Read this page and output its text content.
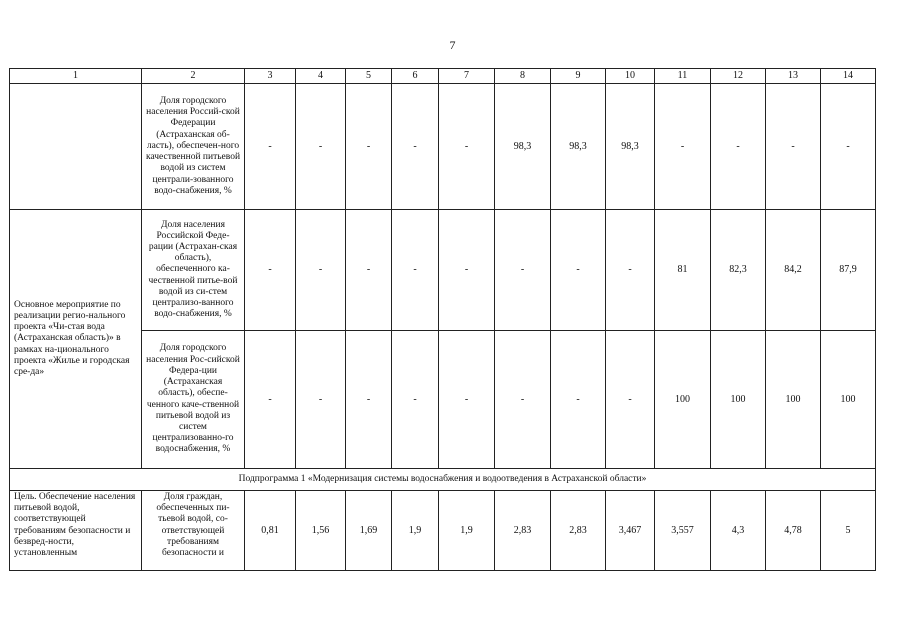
7
1	2	3	4	5	6	7	8	9	10	11	12	13	14
	Доля городского населения Россий-ской Федерации (Астраханская об-ласть), обеспечен-ного качественной питьевой водой из систем централи-зованного водо-снабжения, %	-	-	-	-	-	98,3	98,3	98,3	-	-	-	-
Основное мероприятие по реализации регио-нального проекта «Чи-стая вода (Астраханская область)» в рамках на-ционального проекта «Жилье и городская сре-да»	Доля населения Российской Феде-рации (Астрахан-ская область), обеспеченного ка-чественной питье-вой водой из си-стем централизо-ванного водо-снабжения, %	-	-	-	-	-	-	-	-	81	82,3	84,2	87,9
	Доля городского населения Рос-сийской Федера-ции (Астраханская область), обеспе-ченного каче-ственной питьевой водой из систем централизованно-го водоснабжения, %	-	-	-	-	-	-	-	-	100	100	100	100
Подпрограмма 1 «Модернизация системы водоснабжения и водоотведения в Астраханской области»													
Цель. Обеспечение населения питьевой водой, соответствующей требованиям безопасности и безвред-ности, установленным	Доля граждан, обеспеченных пи-тьевой водой, со-ответствующей требованиям безопасности и	0,81	1,56	1,69	1,9	1,9	2,83	2,83	3,467	3,557	4,3	4,78	5
